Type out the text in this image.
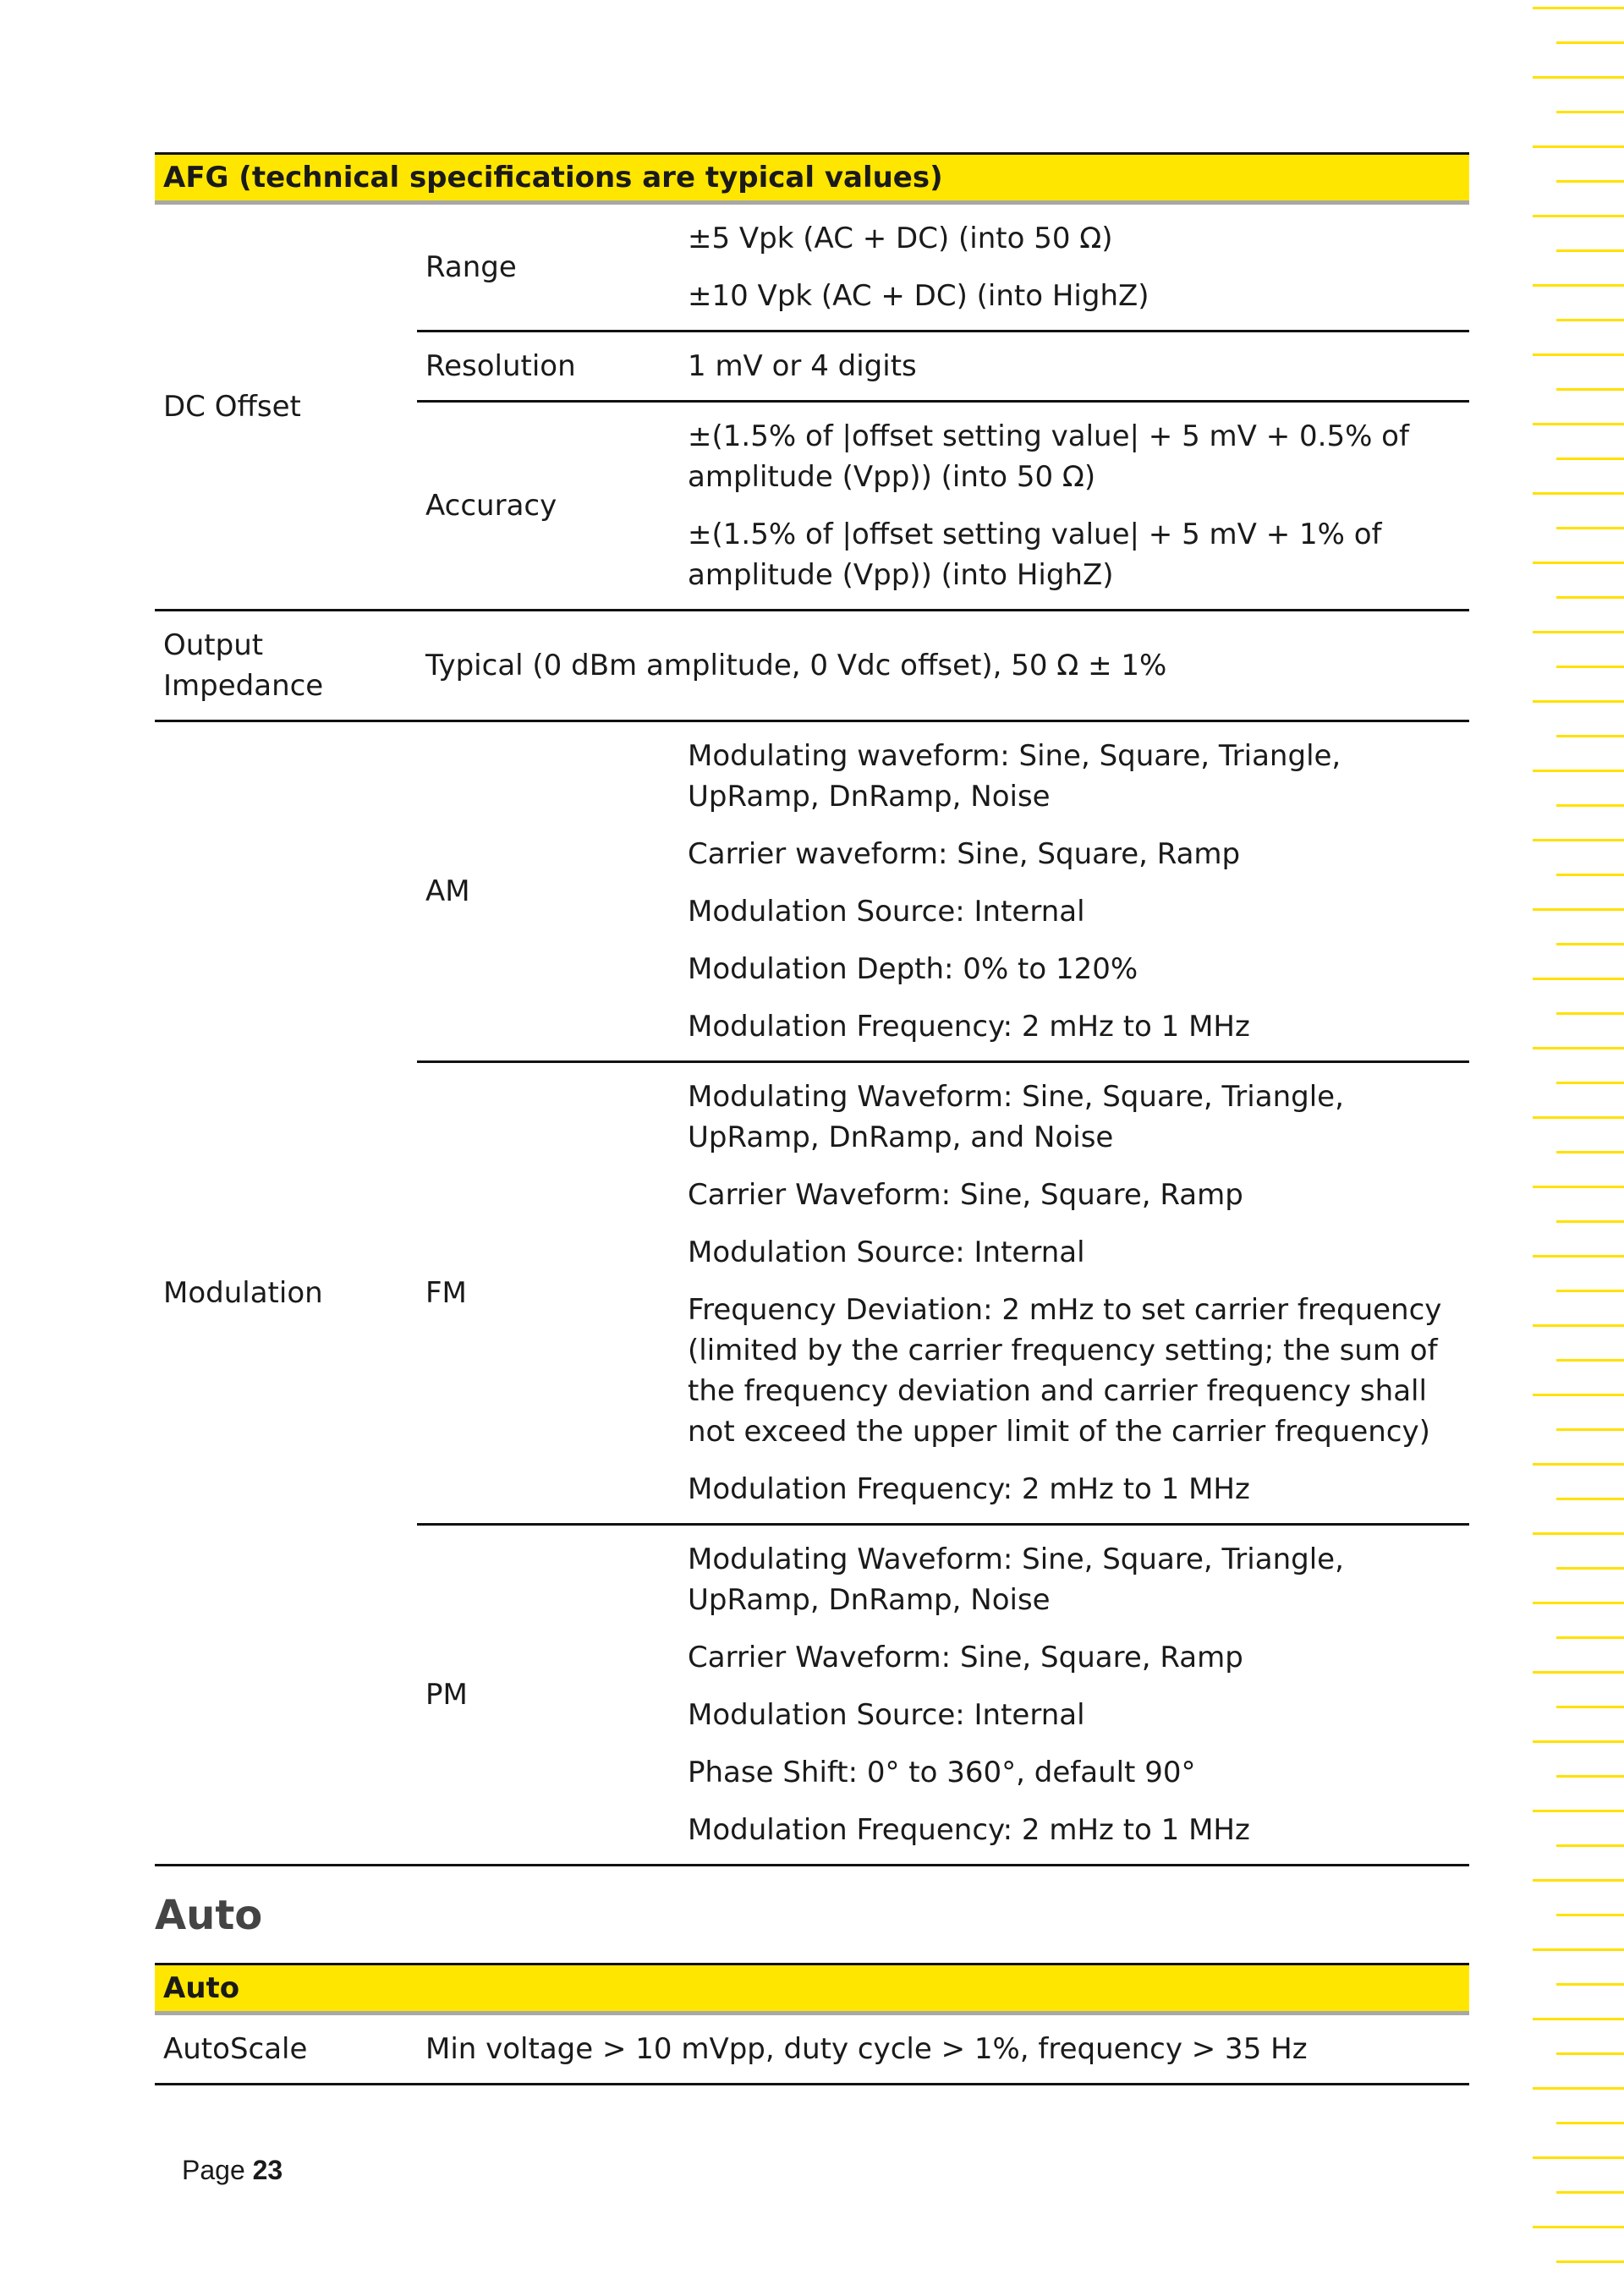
AFG (technical specifications are typical values)		
DC Offset	Range	±5 Vpk (AC + DC) (into 50 Ω)

±10 Vpk (AC + DC) (into HighZ)

	Resolution	1 mV or 4 digits
	Accuracy	±(1.5% of |offset setting value| + 5 mV + 0.5% of amplitude (Vpp)) (into 50 Ω)

±(1.5% of |offset setting value| + 5 mV + 1% of amplitude (Vpp)) (into HighZ)

Output Impedance	Typical (0 dBm amplitude, 0 Vdc offset), 50 Ω ± 1%	
Modulation	AM	Modulating waveform: Sine, Square, Triangle, UpRamp, DnRamp, Noise

Carrier waveform: Sine, Square, Ramp

Modulation Source: Internal

Modulation Depth: 0% to 120%

Modulation Frequency: 2 mHz to 1 MHz

	FM	Modulating Waveform: Sine, Square, Triangle, UpRamp, DnRamp, and Noise

Carrier Waveform: Sine, Square, Ramp

Modulation Source: Internal

Frequency Deviation: 2 mHz to set carrier frequency (limited by the carrier frequency setting; the sum of the frequency deviation and carrier frequency shall not exceed the upper limit of the carrier frequency)

Modulation Frequency: 2 mHz to 1 MHz

	PM	Modulating Waveform: Sine, Square, Triangle, UpRamp, DnRamp, Noise

Carrier Waveform: Sine, Square, Ramp

Modulation Source: Internal

Phase Shift: 0° to 360°, default 90°

Modulation Frequency: 2 mHz to 1 MHz

Auto
Auto
AutoScale	Min voltage > 10 mVpp, duty cycle > 1%, frequency > 35 Hz
Page 23
